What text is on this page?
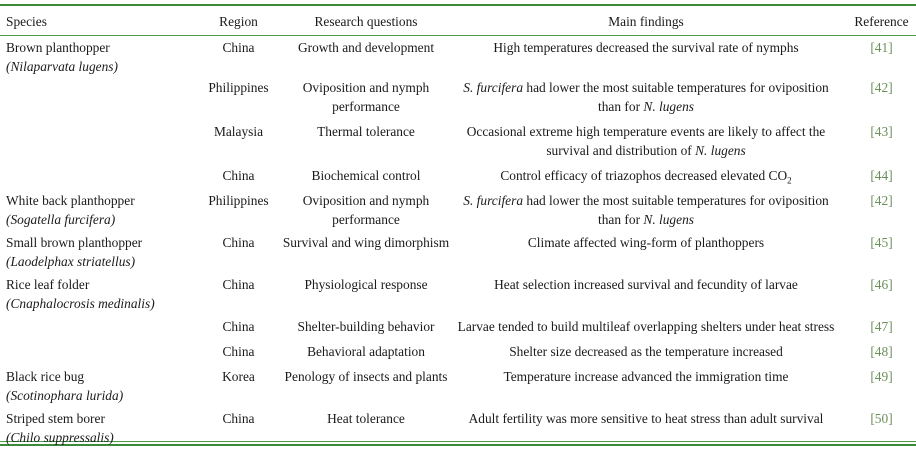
Species	Region	Research questions	Main findings	Reference

Brown planthopper
(Nilaparvata lugens)	China	Growth and development	High temperatures decreased the survival rate of nymphs	[41]
	Philippines	Oviposition and nymph performance	S. furcifera had lower the most suitable temperatures for oviposition than for N. lugens	[42]
	Malaysia	Thermal tolerance	Occasional extreme high temperature events are likely to affect the survival and distribution of N. lugens	[43]
	China	Biochemical control	Control efficacy of triazophos decreased elevated $CO_2$	[44]

White back planthopper
(Sogatella furcifera)	Philippines	Oviposition and nymph performance	S. furcifera had lower the most suitable temperatures for oviposition than for N. lugens	[42]

Small brown planthopper
(Laodelphax striatellus)	China	Survival and wing dimorphism	Climate affected wing-form of planthoppers	[45]

Rice leaf folder
(Cnaphalocrosis medinalis)	China	Physiological response	Heat selection increased survival and fecundity of larvae	[46]
	China	Shelter-building behavior	Larvae tended to build multileaf overlapping shelters under heat stress	[47]
	China	Behavioral adaptation	Shelter size decreased as the temperature increased	[48]

Black rice bug
(Scotinophara lurida)	Korea	Penology of insects and plants	Temperature increase advanced the immigration time	[49]

Striped stem borer
(Chilo suppressalis)	China	Heat tolerance	Adult fertility was more sensitive to heat stress than adult survival	[50]
